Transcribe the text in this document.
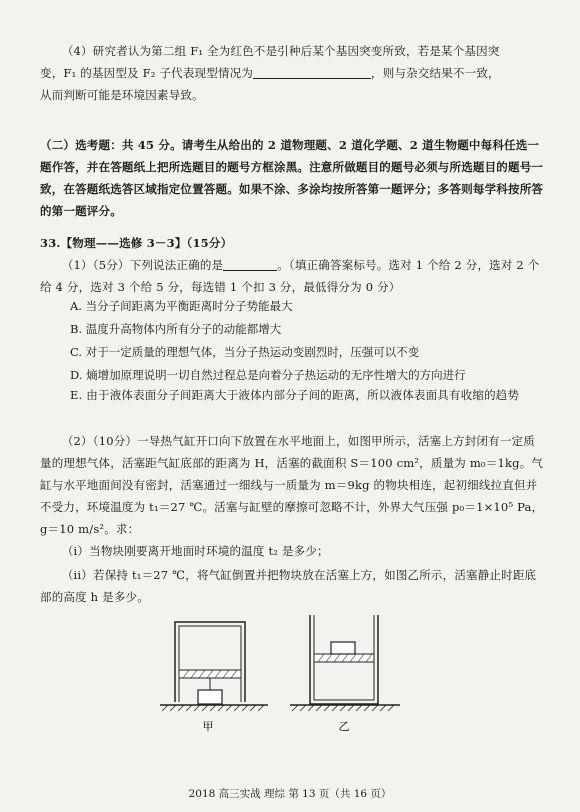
（4）研究者认为第二组 F₁ 全为红色不是引种后某个基因突变所致，若是某个基因突
变，F₁ 的基因型及 F₂ 子代表现型情况为	，则与杂交结果不一致，
从而判断可能是环境因素导致。
（二）选考题：共 45 分。请考生从给出的 2 道物理题、2 道化学题、2 道生物题中每科任选一题作答，并在答题纸上把所选题目的题号方框涂黑。注意所做题目的题号必须与所选题目的题号一致，在答题纸选答区域指定位置答题。如果不涂、多涂均按所答第一题评分；多答则每学科按所答的第一题评分。
33.【物理——选修 3－3】（15分）
（1）（5分）下列说法正确的是	。（填正确答案标号。选对 1 个给 2 分，选对 2 个给 4 分，选对 3 个给 5 分，每选错 1 个扣 3 分，最低得分为 0 分）
A. 当分子间距离为平衡距离时分子势能最大
B. 温度升高物体内所有分子的动能都增大
C. 对于一定质量的理想气体，当分子热运动变剧烈时，压强可以不变
D. 熵增加原理说明一切自然过程总是向着分子热运动的无序性增大的方向进行
E. 由于液体表面分子间距离大于液体内部分子间的距离，所以液体表面具有收缩的趋势
（2）（10分）一导热气缸开口向下放置在水平地面上，如图甲所示，活塞上方封闭有一定质量的理想气体，活塞距气缸底部的距离为 H，活塞的截面积 S＝100 cm²，质量为 m₀＝1kg。气缸与水平地面间没有密封，活塞通过一细线与一质量为 m＝9kg 的物块相连，起初细线拉直但并不受力，环境温度为 t₁＝27 ℃。活塞与缸壁的摩擦可忽略不计，外界大气压强 p₀＝1×10⁵ Pa，g＝10 m/s²。求：
（i）当物块刚要离开地面时环境的温度 t₂ 是多少；
（ii）若保持 t₁＝27 ℃，将气缸倒置并把物块放在活塞上方，如图乙所示，活塞静止时距底部的高度 h 是多少。
甲	乙
2018 高三实战 理综 第 13 页（共 16 页）
